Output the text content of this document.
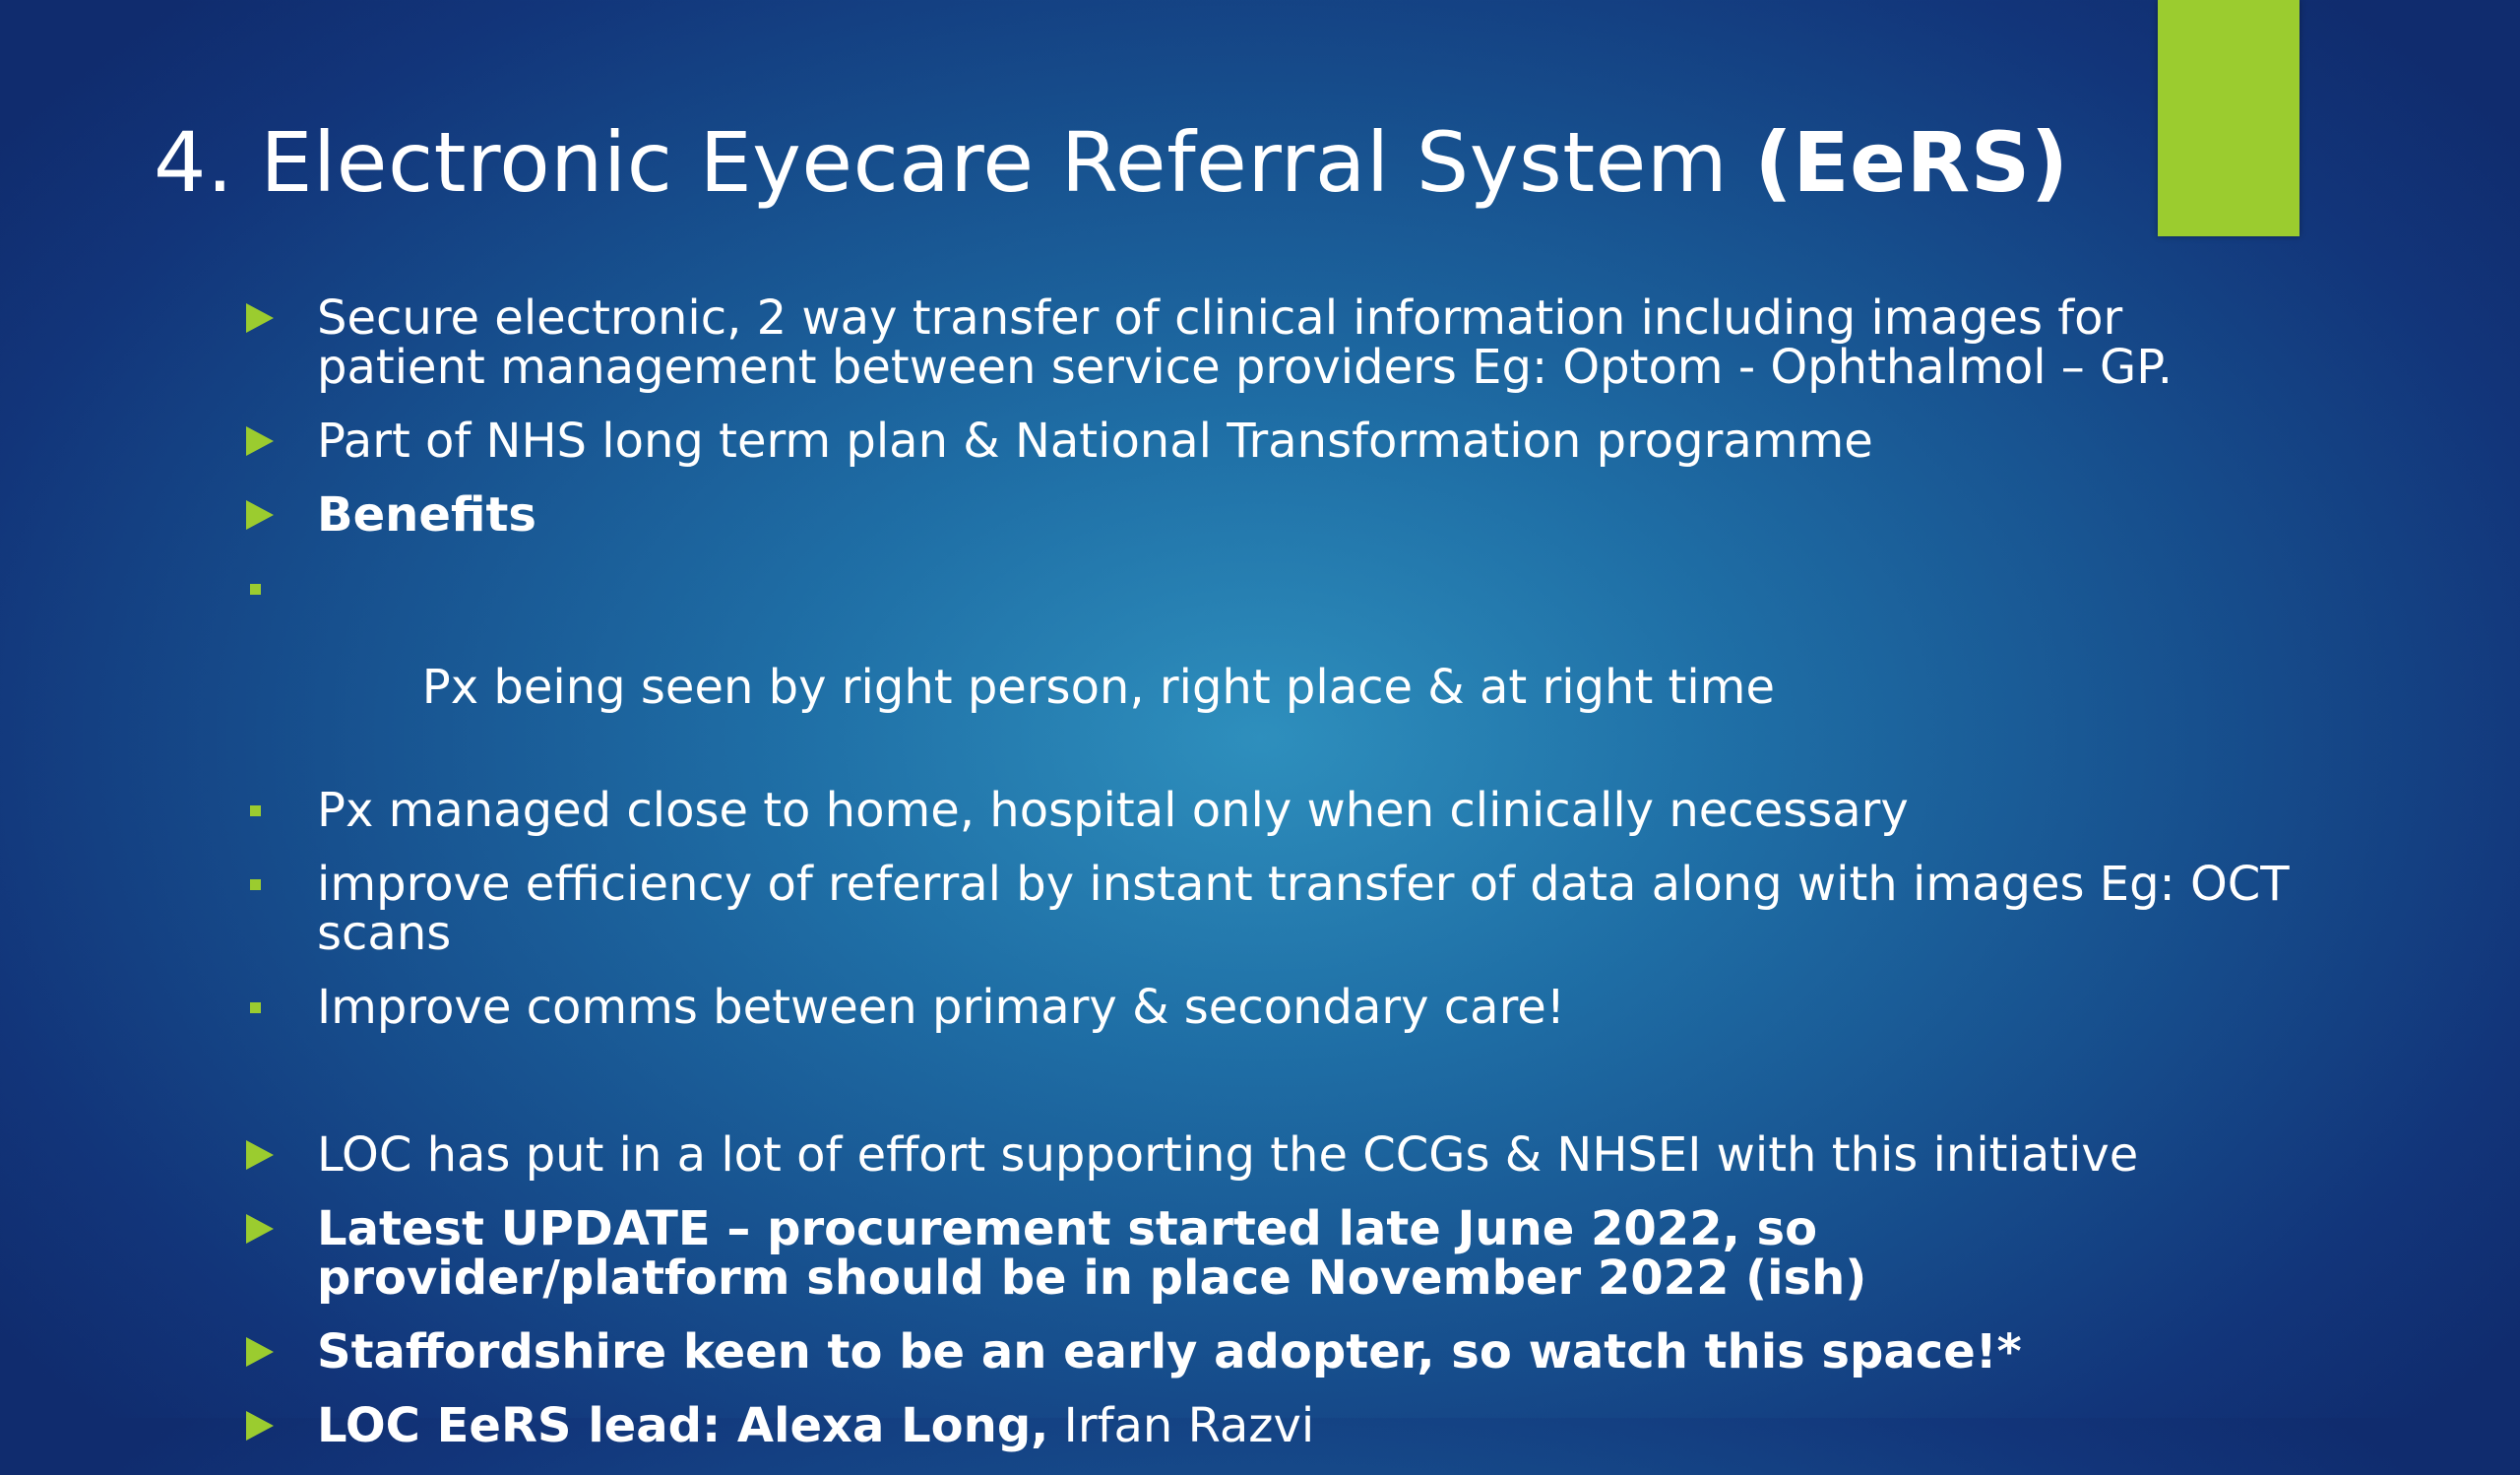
4. Electronic Eyecare Referral System (EeRS)
Secure electronic, 2 way transfer of clinical information including images for patient management between service providers Eg: Optom - Ophthalmol – GP.
Part of NHS long term plan & National Transformation programme
Benefits

Px being seen by right person, right place & at right time

Px managed close to home, hospital only when clinically necessary
improve efficiency of referral by instant transfer of data along with images Eg: OCT scans
Improve comms between primary & secondary care!
LOC has put in a lot of effort supporting the CCGs & NHSEI with this initiative
Latest UPDATE – procurement started late June 2022, so provider/platform should be in place November 2022 (ish)
Staffordshire keen to be an early adopter, so watch this space!*
LOC EeRS lead: Alexa Long, Irfan Razvi
